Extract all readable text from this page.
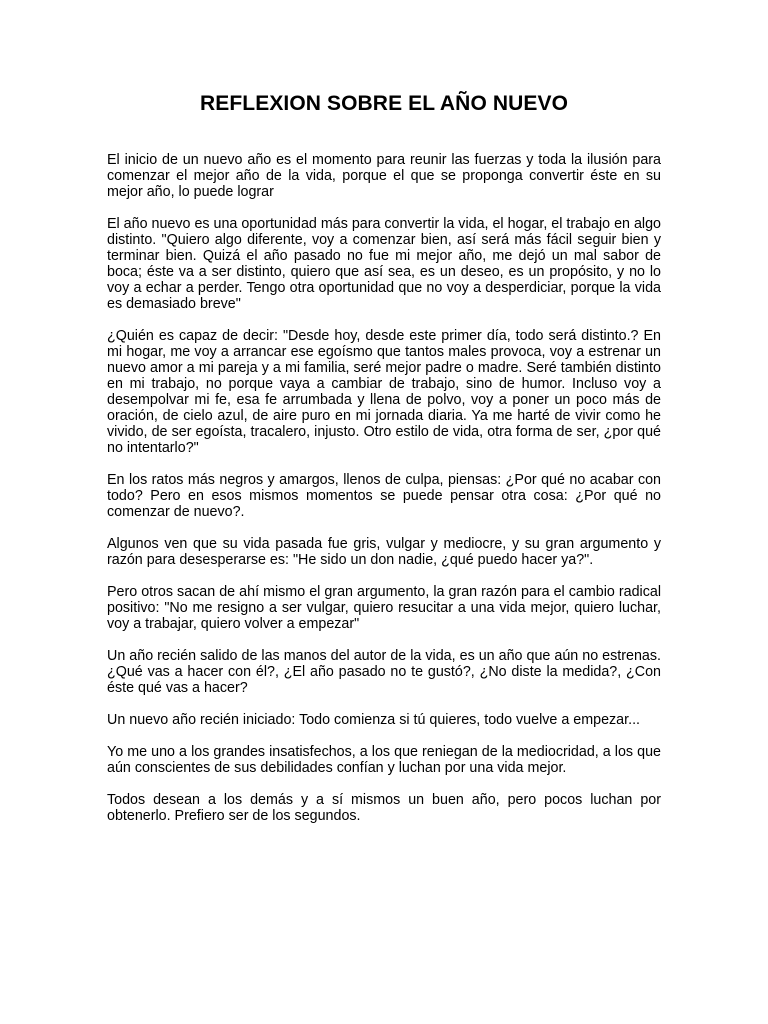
REFLEXION SOBRE EL AÑO NUEVO

El inicio de un nuevo año es el momento para reunir las fuerzas y toda la ilusión para comenzar el mejor año de la vida, porque el que se proponga convertir éste en su mejor año, lo puede lograr

El año nuevo es una oportunidad más para convertir la vida, el hogar, el trabajo en algo distinto. "Quiero algo diferente, voy a comenzar bien, así será más fácil seguir bien y terminar bien. Quizá el año pasado no fue mi mejor año, me dejó un mal sabor de boca; éste va a ser distinto, quiero que así sea, es un deseo, es un propósito, y no lo voy a echar a perder. Tengo otra oportunidad que no voy a desperdiciar, porque la vida es demasiado breve"

¿Quién es capaz de decir: "Desde hoy, desde este primer día, todo será distinto.? En mi hogar, me voy a arrancar ese egoísmo que tantos males provoca, voy a estrenar un nuevo amor a mi pareja y a mi familia, seré mejor padre o madre. Seré también distinto en mi trabajo, no porque vaya a cambiar de trabajo, sino de humor. Incluso voy a desempolvar mi fe, esa fe arrumbada y llena de polvo, voy a poner un poco más de oración, de cielo azul, de aire puro en mi jornada diaria. Ya me harté de vivir como he vivido, de ser egoísta, tracalero, injusto. Otro estilo de vida, otra forma de ser, ¿por qué no intentarlo?"

En los ratos más negros y amargos, llenos de culpa, piensas: ¿Por qué no acabar con todo? Pero en esos mismos momentos se puede pensar otra cosa: ¿Por qué no comenzar de nuevo?.

Algunos ven que su vida pasada fue gris, vulgar y mediocre, y su gran argumento y razón para desesperarse es: "He sido un don nadie, ¿qué puedo hacer ya?".

Pero otros sacan de ahí mismo el gran argumento, la gran razón para el cambio radical positivo: "No me resigno a ser vulgar, quiero resucitar a una vida mejor, quiero luchar, voy a trabajar, quiero volver a empezar"

Un año recién salido de las manos del autor de la vida, es un año que aún no estrenas. ¿Qué vas a hacer con él?, ¿El año pasado no te gustó?, ¿No diste la medida?, ¿Con éste qué vas a hacer?

Un nuevo año recién iniciado: Todo comienza si tú quieres, todo vuelve a empezar...

Yo me uno a los grandes insatisfechos, a los que reniegan de la mediocridad, a los que aún conscientes de sus debilidades confían y luchan por una vida mejor.

Todos desean a los demás y a sí mismos un buen año, pero pocos luchan por obtenerlo. Prefiero ser de los segundos.
